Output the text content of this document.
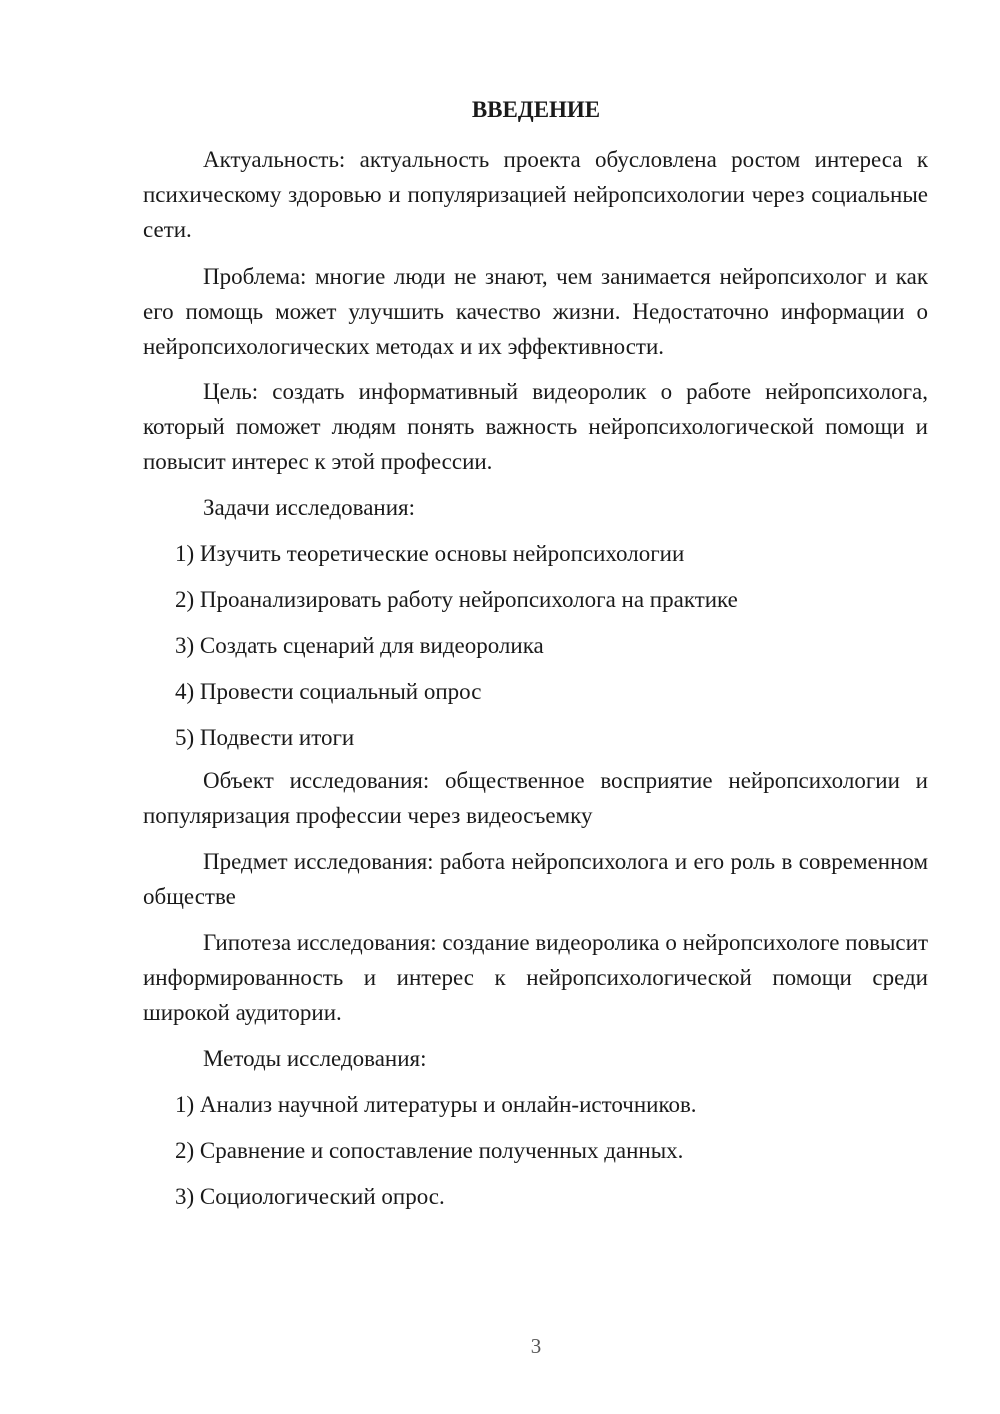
ВВЕДЕНИЕ

Актуальность: актуальность проекта обусловлена ростом интереса к психическому здоровью и популяризацией нейропсихологии через социальные сети.

Проблема: многие люди не знают, чем занимается нейропсихолог и как его помощь может улучшить качество жизни. Недостаточно информации о нейропсихологических методах и их эффективности.

Цель: создать информативный видеоролик о работе нейропсихолога, который поможет людям понять важность нейропсихологической помощи и повысит интерес к этой профессии.

Задачи исследования:

1) Изучить теоретические основы нейропсихологии

2) Проанализировать работу нейропсихолога на практике

3) Создать сценарий для видеоролика

4) Провести социальный опрос

5) Подвести итоги

Объект исследования: общественное восприятие нейропсихологии и популяризация профессии через видеосъемку

Предмет исследования: работа нейропсихолога и его роль в современном обществе

Гипотеза исследования: создание видеоролика о нейропсихологе повысит информированность и интерес к нейропсихологической помощи среди широкой аудитории.

Методы исследования:

1) Анализ научной литературы и онлайн-источников.

2) Сравнение и сопоставление полученных данных.

3) Социологический опрос.

3
